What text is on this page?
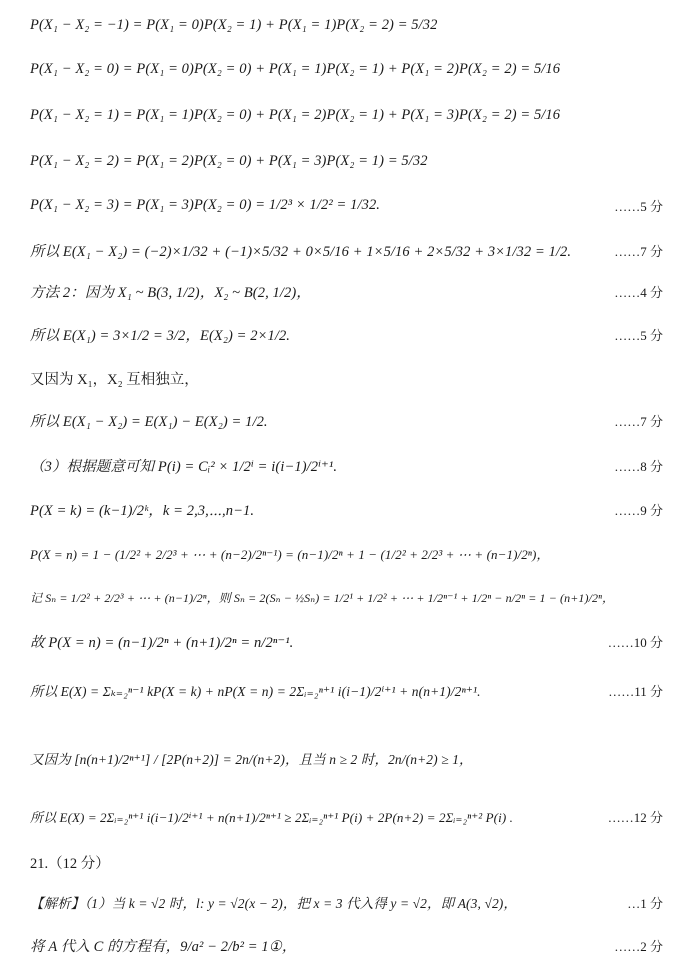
P(X₁ − X₂ = −1) = P(X₁ = 0)P(X₂ = 1) + P(X₁ = 1)P(X₂ = 2) = 5/32
P(X₁ − X₂ = 0) = P(X₁ = 0)P(X₂ = 0) + P(X₁ = 1)P(X₂ = 1) + P(X₁ = 2)P(X₂ = 2) = 5/16
P(X₁ − X₂ = 1) = P(X₁ = 1)P(X₂ = 0) + P(X₁ = 2)P(X₂ = 1) + P(X₁ = 3)P(X₂ = 2) = 5/16
P(X₁ − X₂ = 2) = P(X₁ = 2)P(X₂ = 0) + P(X₁ = 3)P(X₂ = 1) = 5/32
P(X₁ − X₂ = 3) = P(X₁ = 3)P(X₂ = 0) = 1/2³ × 1/2² = 1/32.	……5 分
所以 E(X₁ − X₂) = (−2)×1/32 + (−1)×5/32 + 0×5/16 + 1×5/16 + 2×5/32 + 3×1/32 = 1/2.	……7 分
方法 2：因为 X₁ ~ B(3, 1/2)，X₂ ~ B(2, 1/2)，	……4 分
所以 E(X₁) = 3×1/2 = 3/2，E(X₂) = 2×1/2.	……5 分
又因为 X₁，X₂ 互相独立，
所以 E(X₁ − X₂) = E(X₁) − E(X₂) = 1/2.	……7 分
（3）根据题意可知 P(i) = Cᵢ² × 1/2ⁱ = i(i−1)/2ⁱ⁺¹.	……8 分
P(X = k) = (k−1)/2ᵏ，k = 2,3,⋯,n−1.	……9 分
P(X = n) = 1 − (1/2² + 2/2³ + ⋯ + (n−2)/2ⁿ⁻¹) = (n−1)/2ⁿ + 1 − (1/2² + 2/2³ + ⋯ + (n−1)/2ⁿ)，
记 Sₙ = 1/2² + 2/2³ + ⋯ + (n−1)/2ⁿ，则 Sₙ = 2(Sₙ − ½Sₙ) = 1/2¹ + 1/2² + ⋯ + 1/2ⁿ⁻¹ + 1/2ⁿ − n/2ⁿ = 1 − (n+1)/2ⁿ，
故 P(X = n) = (n−1)/2ⁿ + (n+1)/2ⁿ = n/2ⁿ⁻¹.	……10 分
所以 E(X) = Σₖ₌₂ⁿ⁻¹ kP(X = k) + nP(X = n) = 2Σᵢ₌₂ⁿ⁺¹ i(i−1)/2ⁱ⁺¹ + n(n+1)/2ⁿ⁺¹.	……11 分
又因为 [n(n+1)/2ⁿ⁺¹] / [2P(n+2)] = 2n/(n+2)，且当 n ≥ 2 时，2n/(n+2) ≥ 1，
所以 E(X) = 2Σᵢ₌₂ⁿ⁺¹ i(i−1)/2ⁱ⁺¹ + n(n+1)/2ⁿ⁺¹ ≥ 2Σᵢ₌₂ⁿ⁺¹ P(i) + 2P(n+2) = 2Σᵢ₌₂ⁿ⁺² P(i) .	……12 分
21.（12 分）
【解析】（1）当 k = √2 时，l: y = √2(x − 2)，把 x = 3 代入得 y = √2，即 A(3, √2)，	…1 分
将 A 代入 C 的方程有，9/a² − 2/b² = 1①，	……2 分
